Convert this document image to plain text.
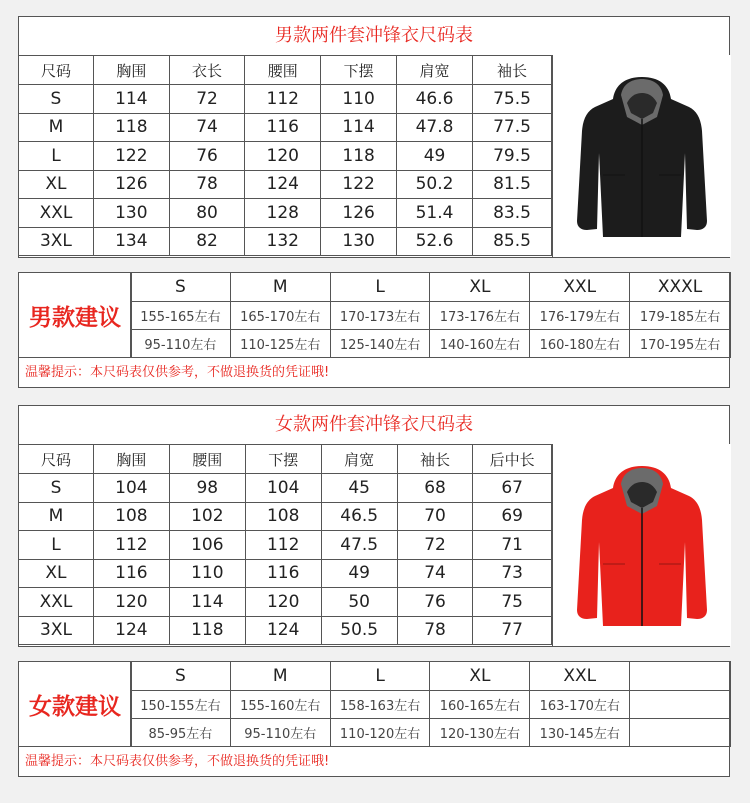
男款两件套冲锋衣尺码表
尺码	胸围	衣长	腰围	下摆	肩宽	袖长
S	114	72	112	110	46.6	75.5
M	118	74	116	114	47.8	77.5
L	122	76	120	118	49	79.5
XL	126	78	124	122	50.2	81.5
XXL	130	80	128	126	51.4	83.5
3XL	134	82	132	130	52.6	85.5
男款建议
S	M	L	XL	XXL	XXXL
155-165左右	165-170左右	170-173左右	173-176左右	176-179左右	179-185左右
95-110左右	110-125左右	125-140左右	140-160左右	160-180左右	170-195左右
温馨提示：本尺码表仅供参考，不做退换货的凭证哦!
女款两件套冲锋衣尺码表
尺码	胸围	腰围	下摆	肩宽	袖长	后中长
S	104	98	104	45	68	67
M	108	102	108	46.5	70	69
L	112	106	112	47.5	72	71
XL	116	110	116	49	74	73
XXL	120	114	120	50	76	75
3XL	124	118	124	50.5	78	77
女款建议
S	M	L	XL	XXL	
150-155左右	155-160左右	158-163左右	160-165左右	163-170左右	
85-95左右	95-110左右	110-120左右	120-130左右	130-145左右	
温馨提示：本尺码表仅供参考，不做退换货的凭证哦!
